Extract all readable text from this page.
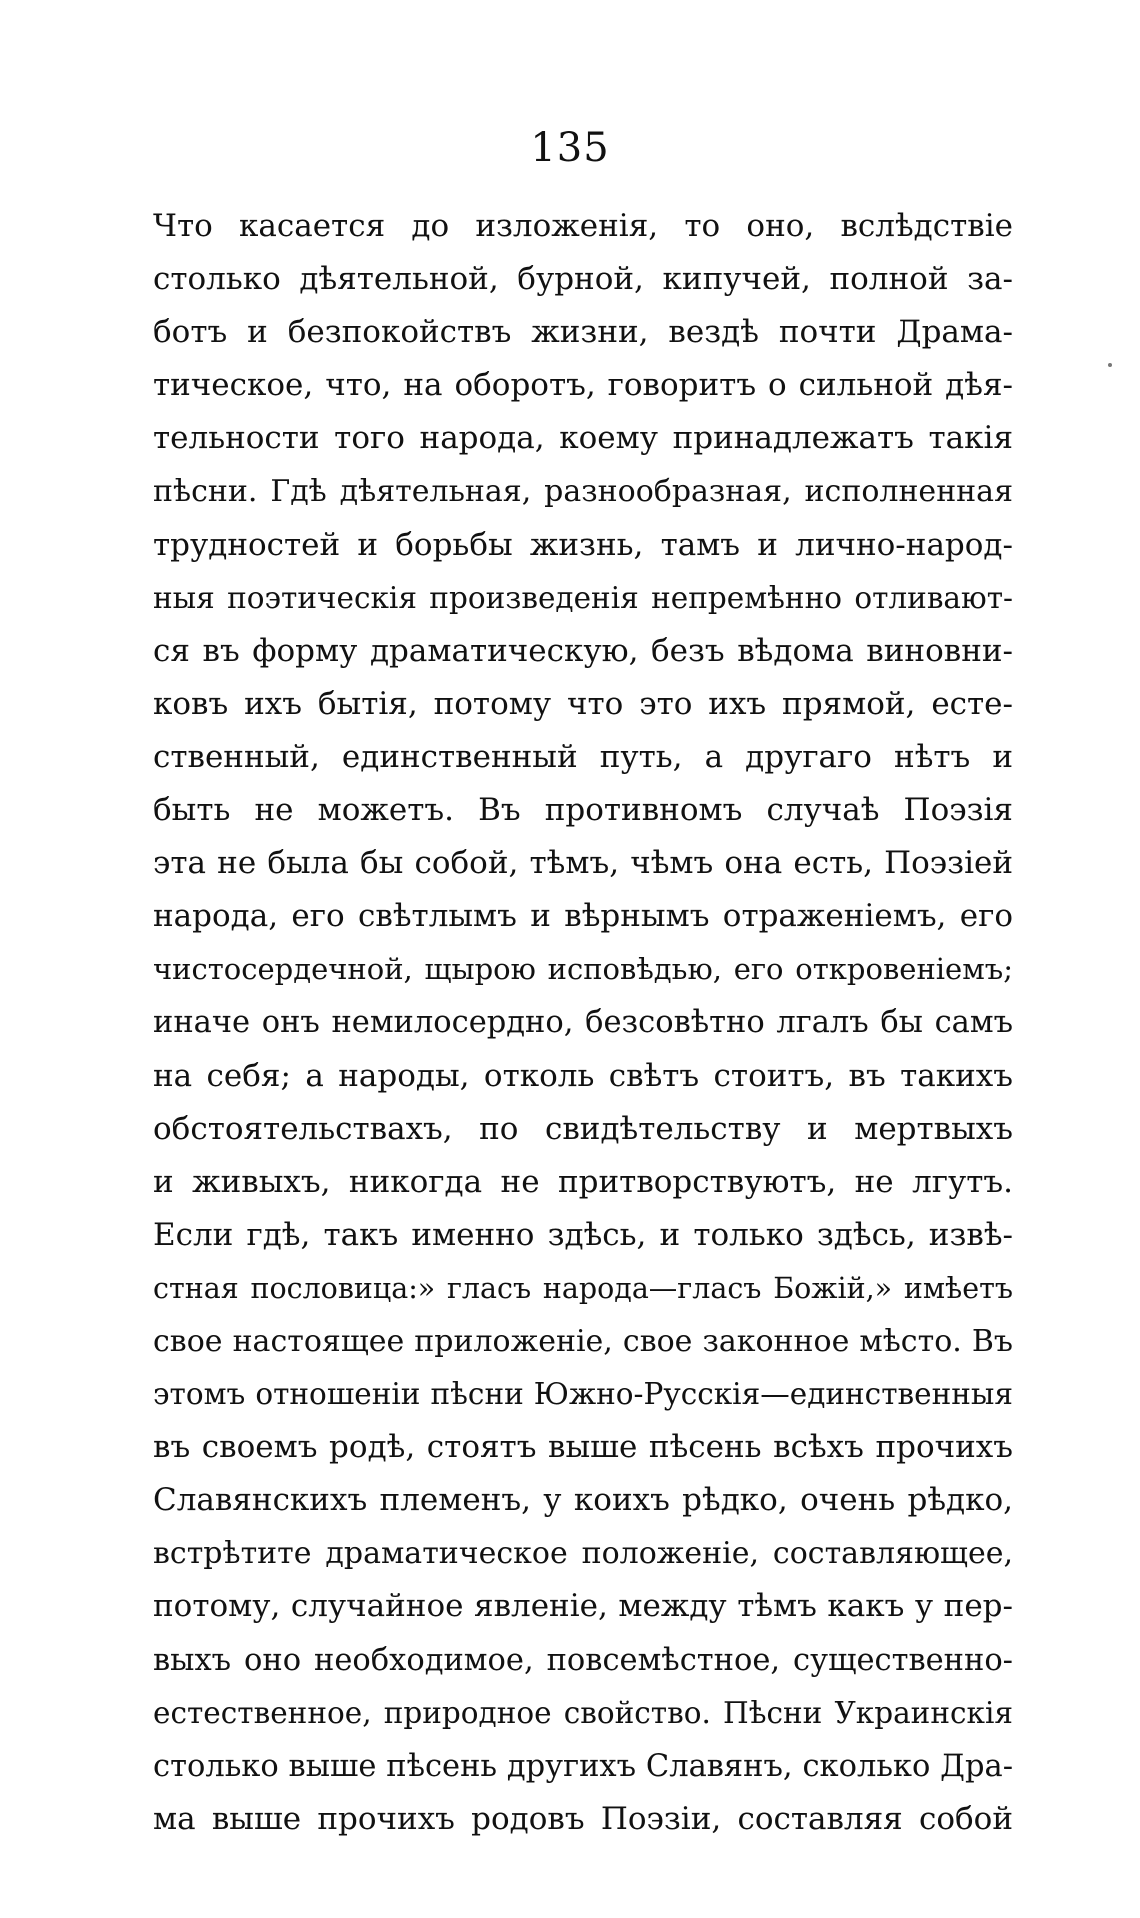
135
Что касается до изложенія, то оно, вслѣдствіе
столько дѣятельной, бурной, кипучей, полной за-
ботъ и безпокойствъ жизни, вездѣ почти Драма-
тическое, что, на оборотъ, говоритъ о сильной дѣя-
тельности того народа, коему принадлежатъ такія
пѣсни. Гдѣ дѣятельная, разнообразная, исполненная
трудностей и борьбы жизнь, тамъ и лично-народ-
ныя поэтическія произведенія непремѣнно отливают-
ся въ форму драматическую, безъ вѣдома виновни-
ковъ ихъ бытія, потому что это ихъ прямой, есте-
ственный, единственный путь, а другаго нѣтъ и
быть не можетъ. Въ противномъ случаѣ Поэзія
эта не была бы собой, тѣмъ, чѣмъ она есть, Поэзіей
народа, его свѣтлымъ и вѣрнымъ отраженіемъ, его
чистосердечной, щырою исповѣдью, его откровеніемъ;
иначе онъ немилосердно, безсовѣтно лгалъ бы самъ
на себя; а народы, отколь свѣтъ стоитъ, въ такихъ
обстоятельствахъ, по свидѣтельству и мертвыхъ
и живыхъ, никогда не притворствуютъ, не лгутъ.
Если гдѣ, такъ именно здѣсь, и только здѣсь, извѣ-
стная пословица:» гласъ народа—гласъ Божій,» имѣетъ
свое настоящее приложеніе, свое законное мѣсто. Въ
этомъ отношеніи пѣсни Южно-Русскія—единственныя
въ своемъ родѣ, стоятъ выше пѣсень всѣхъ прочихъ
Славянскихъ племенъ, у коихъ рѣдко, очень рѣдко,
встрѣтите драматическое положеніе, составляющее,
потому, случайное явленіе, между тѣмъ какъ у пер-
выхъ оно необходимое, повсемѣстное, существенно-
естественное, природное свойство. Пѣсни Украинскія
столько выше пѣсень другихъ Славянъ, сколько Дра-
ма выше прочихъ родовъ Поэзіи, составляя собой
